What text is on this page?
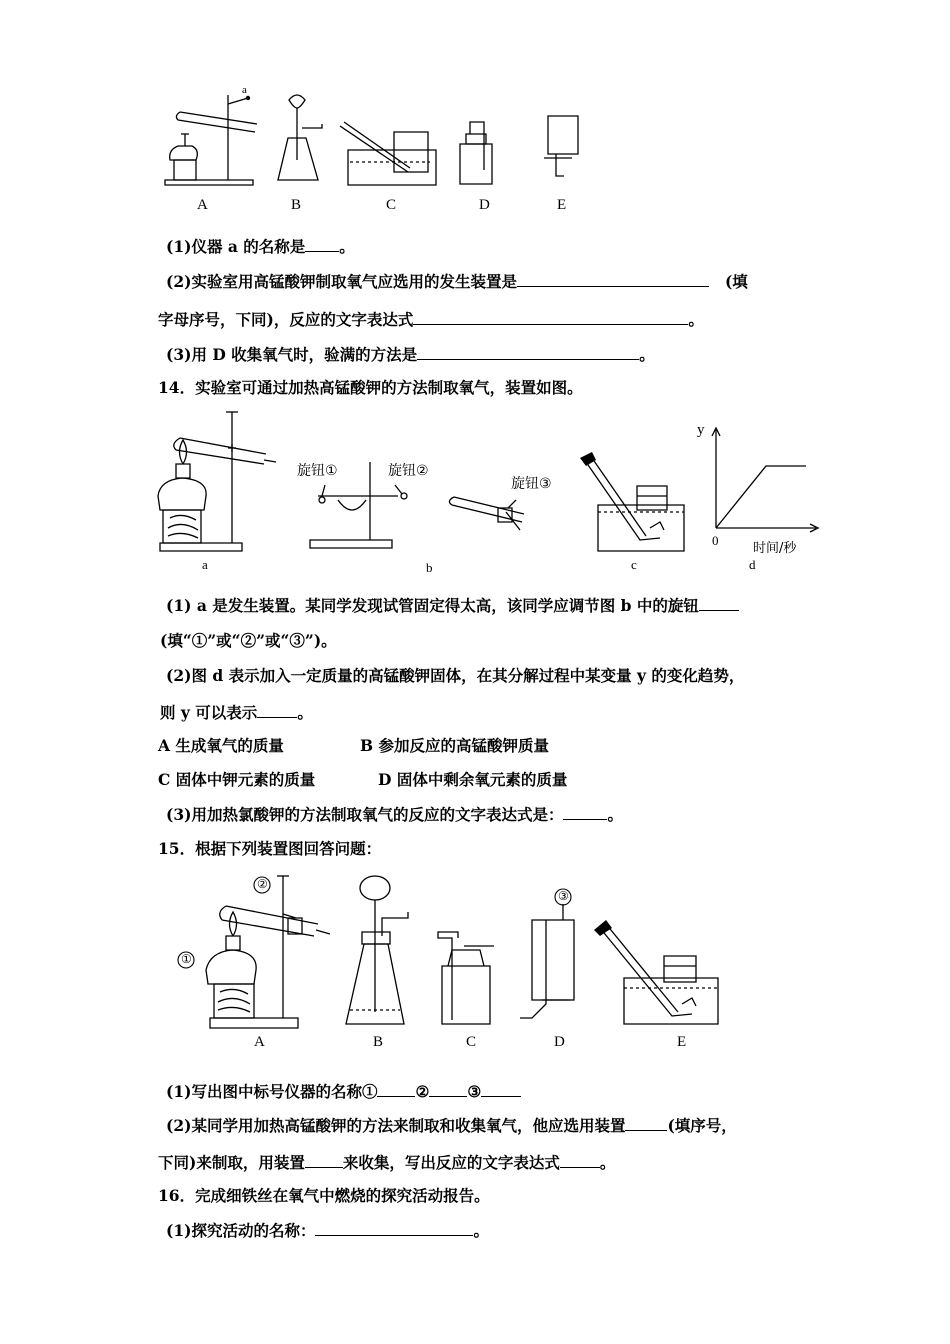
a
A	B	C	D	E
(1)仪器 a 的名称是 。
(2)实验室用高锰酸钾制取氧气应选用的发生装置是	(填
字母序号，下同)，反应的文字表达式	。
(3)用 D 收集氧气时，验满的方法是	。
14．实验室可通过加热高锰酸钾的方法制取氧气，装置如图。
旋钮①	旋钮②
旋钮③
y
0
时间/秒
a	b	c	d
(1) a 是发生装置。某同学发现试管固定得太高，该同学应调节图 b 中的旋钮
(填“①”或“②”或“③”)。
(2)图 d 表示加入一定质量的高锰酸钾固体，在其分解过程中某变量 y 的变化趋势，
则 y 可以表示	。
A 生成氧气的质量	B 参加反应的高锰酸钾质量
C 固体中钾元素的质量	D 固体中剩余氧元素的质量
(3)用加热氯酸钾的方法制取氧气的反应的文字表达式是：	。
15．根据下列装置图回答问题：
②
①
③
A	B	C	D	E
(1)写出图中标号仪器的名称① ② ③
(2)某同学用加热高锰酸钾的方法来制取和收集氧气，他应选用装置	(填序号，
下同)来制取，用装置 来收集，写出反应的文字表达式	。
16．完成细铁丝在氧气中燃烧的探究活动报告。
(1)探究活动的名称：	。
